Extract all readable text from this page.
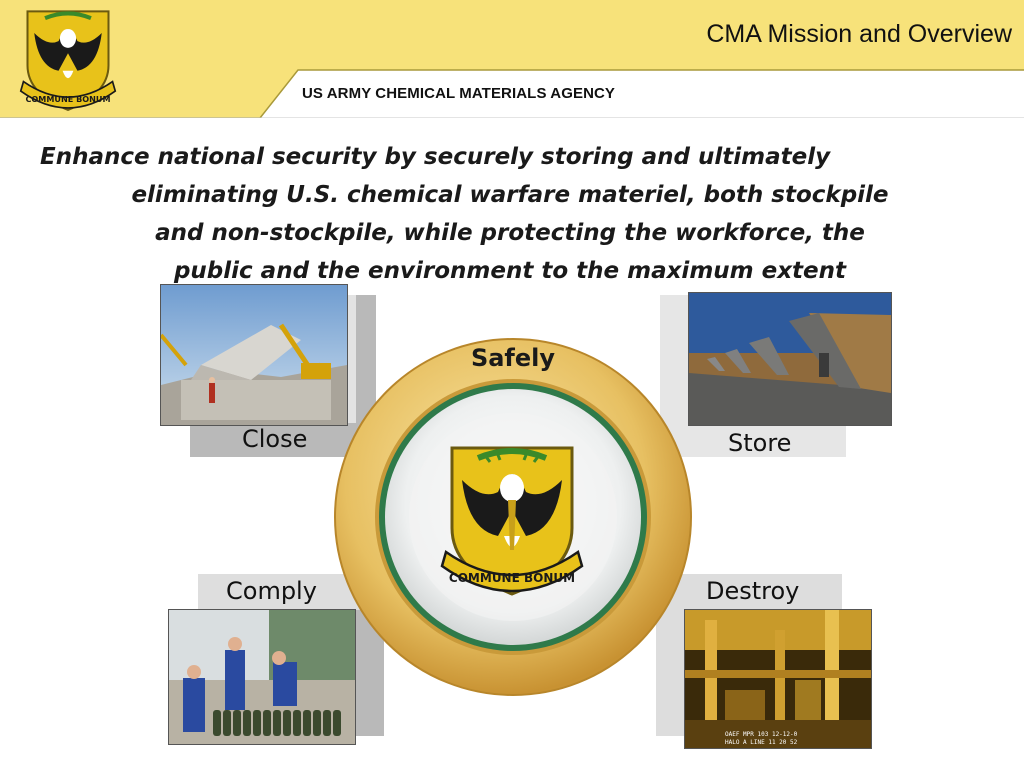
CMA Mission and Overview
US ARMY CHEMICAL MATERIALS AGENCY
COMMUNE BONUM
Enhance national security by securely storing and ultimately
eliminating U.S. chemical warfare materiel, both stockpile
and non-stockpile, while protecting the workforce, the
public and the environment to the maximum extent
Close	Store
Comply	Destroy
OAEF MPR 103 12-12-0
HALO A LINE 11 20 52
Safely
COMMUNE BONUM
